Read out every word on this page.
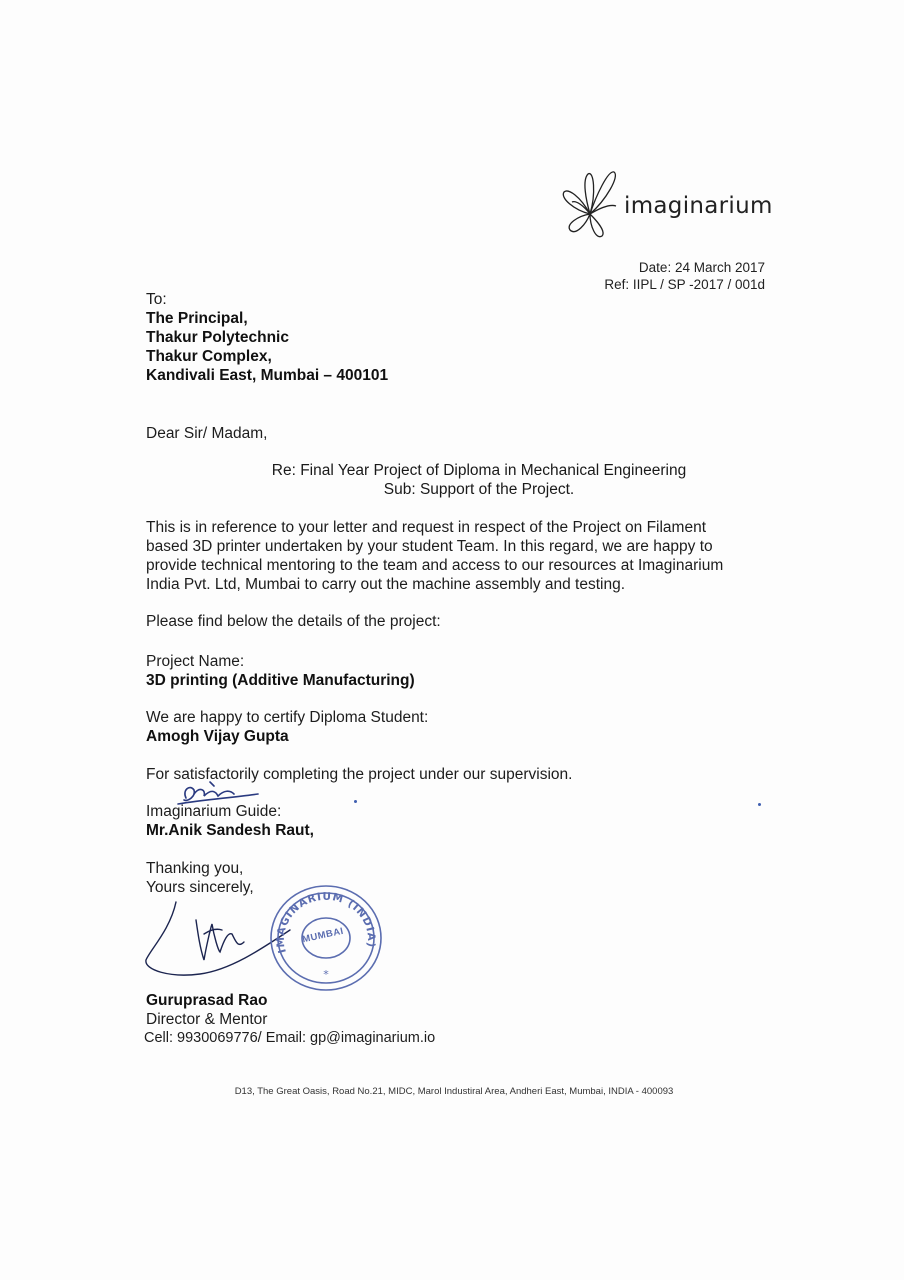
imaginarium
Date: 24 March 2017
Ref: IIPL / SP -2017 / 001d
To:
The Principal,
Thakur Polytechnic
Thakur Complex,
Kandivali East, Mumbai – 400101
Dear Sir/ Madam,
Re: Final Year Project of Diploma in Mechanical Engineering
Sub: Support of the Project.
This is in reference to your letter and request in respect of the Project on Filament
based 3D printer undertaken by your student Team. In this regard, we are happy to
provide technical mentoring to the team and access to our resources at Imaginarium
India Pvt. Ltd, Mumbai to carry out the machine assembly and testing.
Please find below the details of the project:
Project Name:
3D printing (Additive Manufacturing)
We are happy to certify Diploma Student:
Amogh Vijay Gupta
For satisfactorily completing the project under our supervision.
Imaginarium Guide:
Mr.Anik Sandesh Raut,
Thanking you,
Yours sincerely,
IMAGINARIUM (INDIA)
*
MUMBAI
Guruprasad Rao
Director & Mentor
Cell: 9930069776/ Email: gp@imaginarium.io
D13, The Great Oasis, Road No.21, MIDC, Marol Industiral Area, Andheri East, Mumbai, INDIA - 400093
